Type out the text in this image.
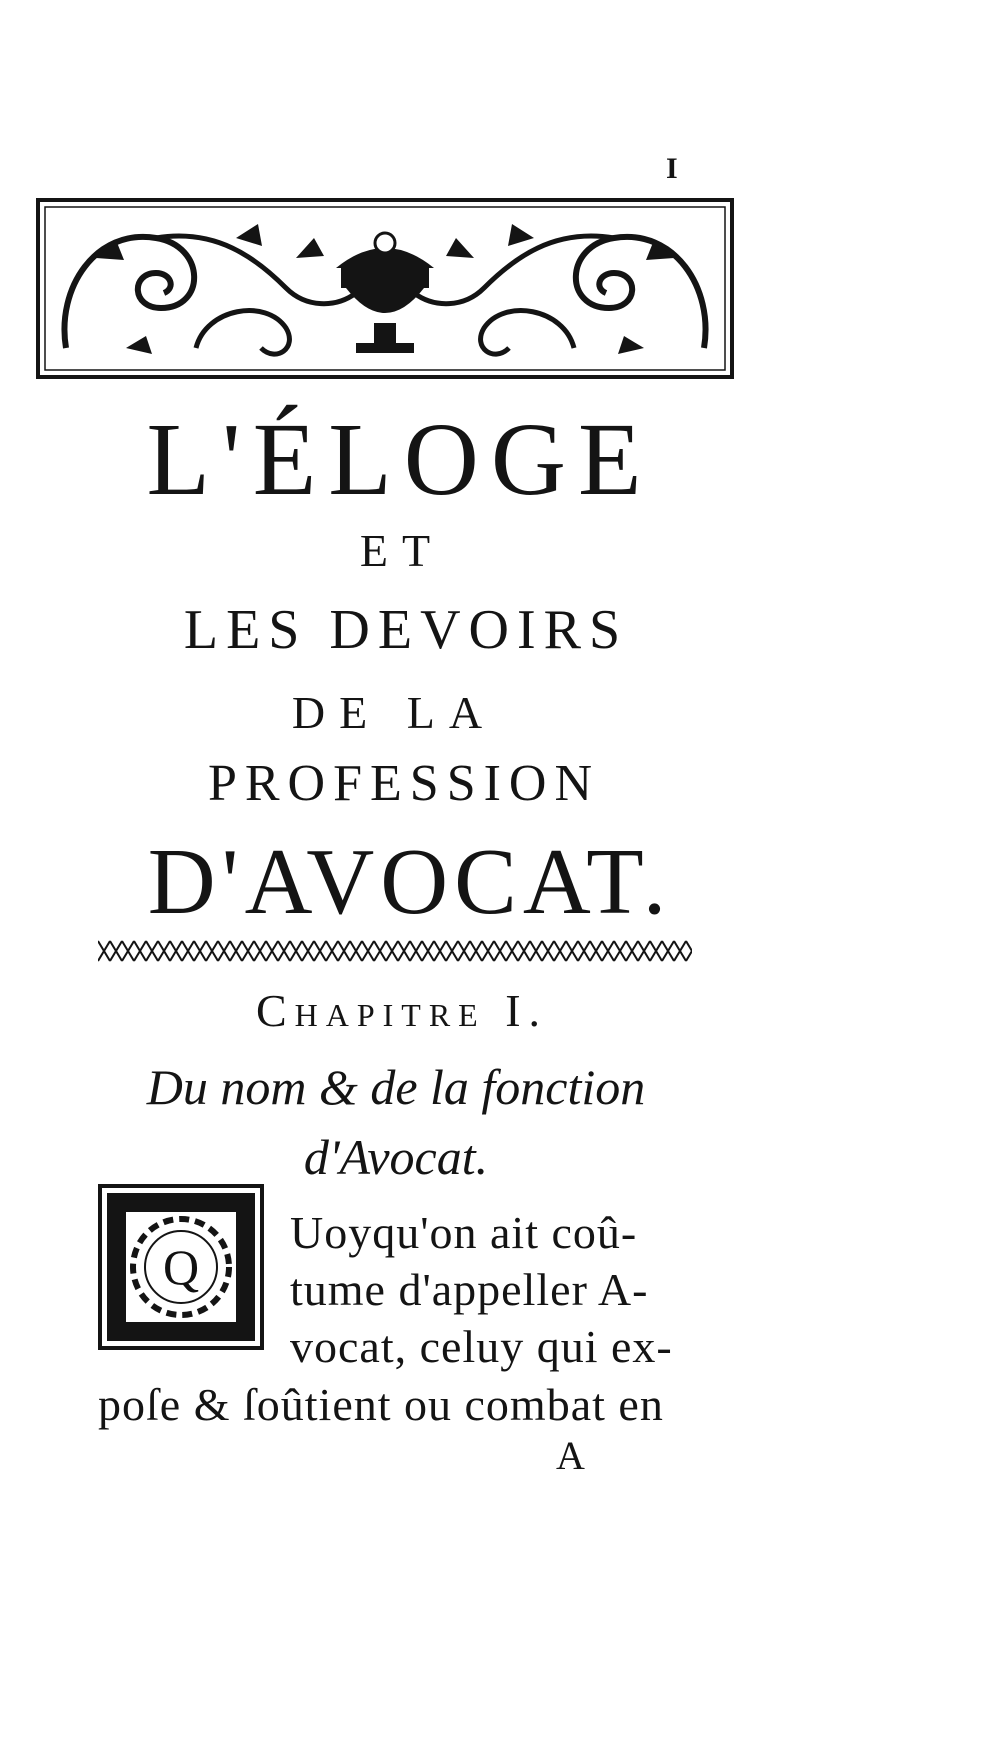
I
L'ÉLOGE
ET
LES DEVOIRS
DE LA
PROFESSION
D'AVOCAT.
Chapitre I.
Du nom & de la fonction
d'Avocat.
Q
Uoyqu'on ait coû-
tume d'appeller A-
vocat, celuy qui ex-
poſe & ſoûtient ou combat en
A
